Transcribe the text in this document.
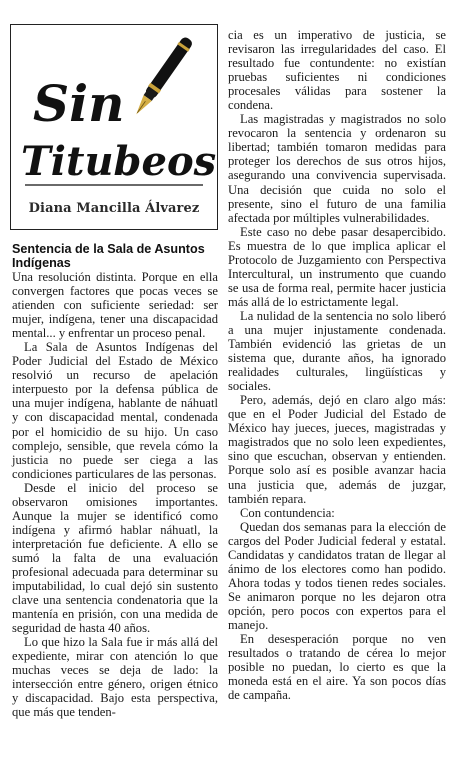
Sin
Titubeos
Diana Mancilla Álvarez
Sentencia de la Sala de Asuntos Indígenas

Una resolución distinta. Porque en ella convergen factores que pocas veces se atienden con suficiente seriedad: ser mujer, indígena, tener una discapacidad mental... y enfrentar un proceso penal.

La Sala de Asuntos Indígenas del Poder Judicial del Estado de México resolvió un recurso de apelación interpuesto por la defensa pública de una mujer indígena, hablante de náhuatl y con discapacidad mental, condenada por el homicidio de su hijo. Un caso complejo, sensible, que revela cómo la justicia no puede ser ciega a las condiciones particulares de las personas.

Desde el inicio del proceso se observaron omisiones importantes. Aunque la mujer se identificó como indígena y afirmó hablar náhuatl, la interpretación fue deficiente. A ello se sumó la falta de una evaluación profesional adecuada para determinar su imputabilidad, lo cual dejó sin sustento clave una sentencia condenatoria que la mantenía en prisión, con una medida de seguridad de hasta 40 años.

Lo que hizo la Sala fue ir más allá del expediente, mirar con atención lo que muchas veces se deja de lado: la intersección entre género, origen étnico y discapacidad. Bajo esta perspectiva, que más que tenden-

cia es un imperativo de justicia, se revisaron las irregularidades del caso. El resultado fue contundente: no existían pruebas suficientes ni condiciones procesales válidas para sostener la condena.

Las magistradas y magistrados no solo revocaron la sentencia y ordenaron su libertad; también tomaron medidas para proteger los derechos de sus otros hijos, asegurando una convivencia supervisada. Una decisión que cuida no solo el presente, sino el futuro de una familia afectada por múltiples vulnerabilidades.

Este caso no debe pasar desapercibido. Es muestra de lo que implica aplicar el Protocolo de Juzgamiento con Perspectiva Intercultural, un instrumento que cuando se usa de forma real, permite hacer justicia más allá de lo estrictamente legal.

La nulidad de la sentencia no solo liberó a una mujer injustamente condenada. También evidenció las grietas de un sistema que, durante años, ha ignorado realidades culturales, lingüísticas y sociales.

Pero, además, dejó en claro algo más: que en el Poder Judicial del Estado de México hay jueces, jueces, magistradas y magistrados que no solo leen expedientes, sino que escuchan, observan y entienden. Porque solo así es posible avanzar hacia una justicia que, además de juzgar, también repara.

Con contundencia:

Quedan dos semanas para la elección de cargos del Poder Judicial federal y estatal. Candidatas y candidatos tratan de llegar al ánimo de los electores como han podido. Ahora todas y todos tienen redes sociales. Se animaron porque no les dejaron otra opción, pero pocos con expertos para el manejo.

En desesperación porque no ven resultados o tratando de cérea lo mejor posible no puedan, lo cierto es que la moneda está en el aire. Ya son pocos días de campaña.
